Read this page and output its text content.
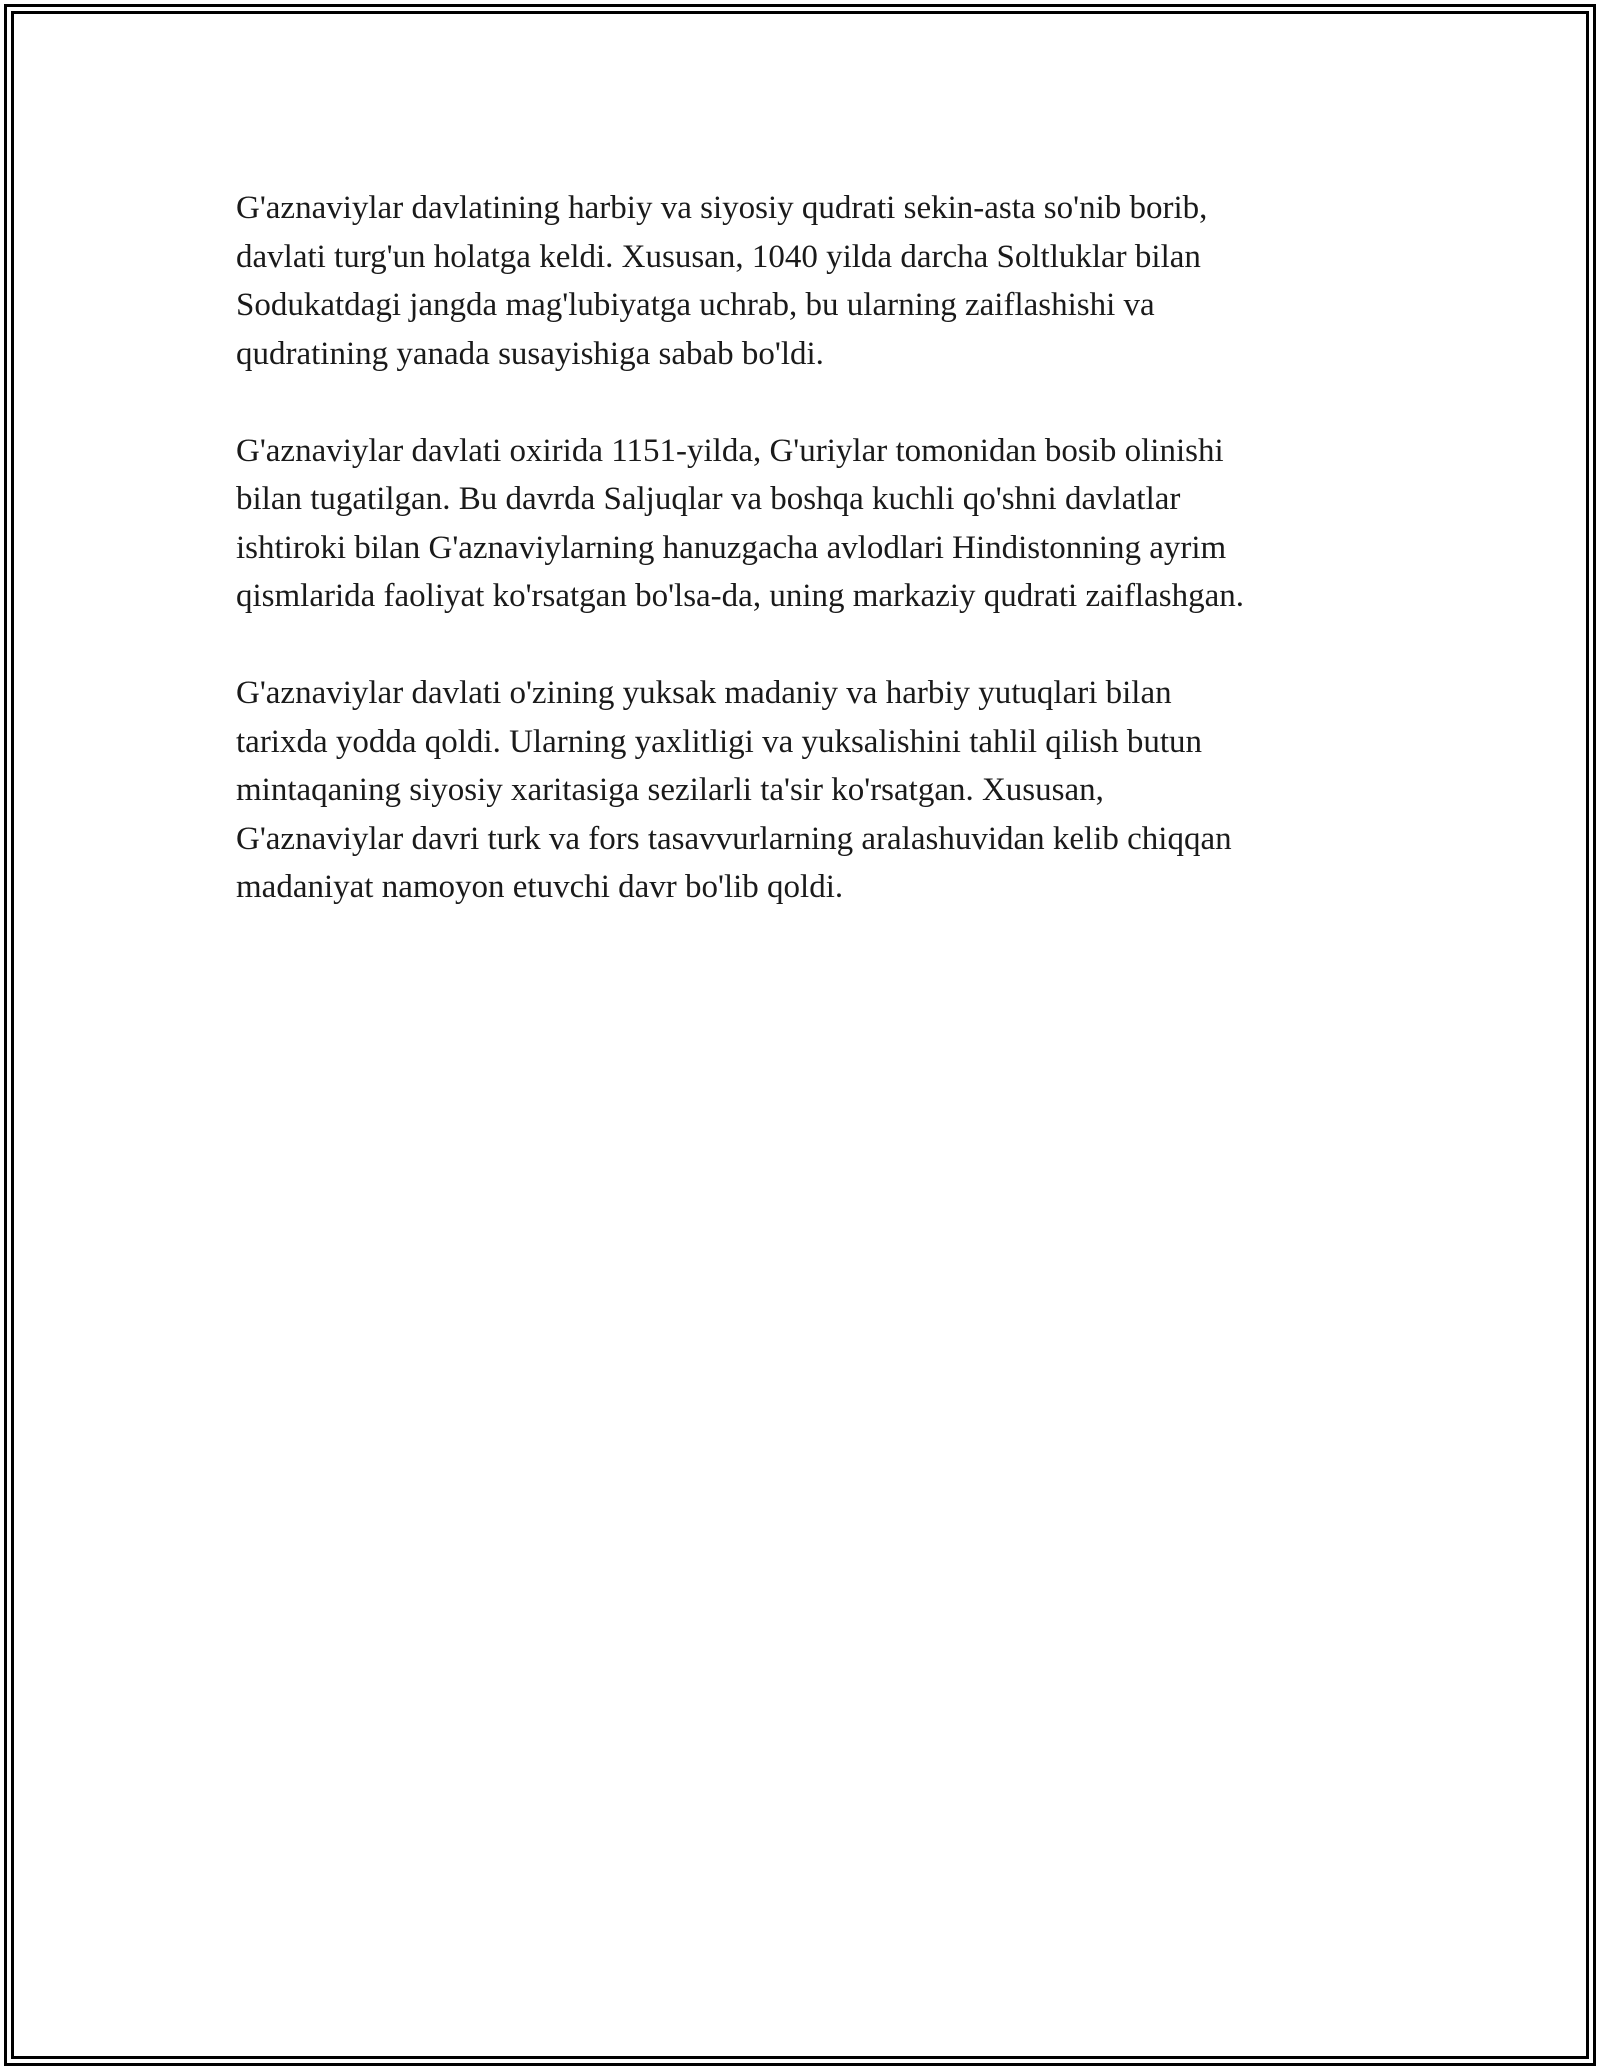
G'aznaviylar davlatining harbiy va siyosiy qudrati sekin-asta so'nib borib,
davlati turg'un holatga keldi. Xususan, 1040 yilda darcha Soltluklar bilan
Sodukatdagi jangda mag'lubiyatga uchrab, bu ularning zaiflashishi va
qudratining yanada susayishiga sabab bo'ldi.

G'aznaviylar davlati oxirida 1151-yilda, G'uriylar tomonidan bosib olinishi
bilan tugatilgan. Bu davrda Saljuqlar va boshqa kuchli qo'shni davlatlar
ishtiroki bilan G'aznaviylarning hanuzgacha avlodlari Hindistonning ayrim
qismlarida faoliyat ko'rsatgan bo'lsa-da, uning markaziy qudrati zaiflashgan.

G'aznaviylar davlati o'zining yuksak madaniy va harbiy yutuqlari bilan
tarixda yodda qoldi. Ularning yaxlitligi va yuksalishini tahlil qilish butun
mintaqaning siyosiy xaritasiga sezilarli ta'sir ko'rsatgan. Xususan,
G'aznaviylar davri turk va fors tasavvurlarning aralashuvidan kelib chiqqan
madaniyat namoyon etuvchi davr bo'lib qoldi.
